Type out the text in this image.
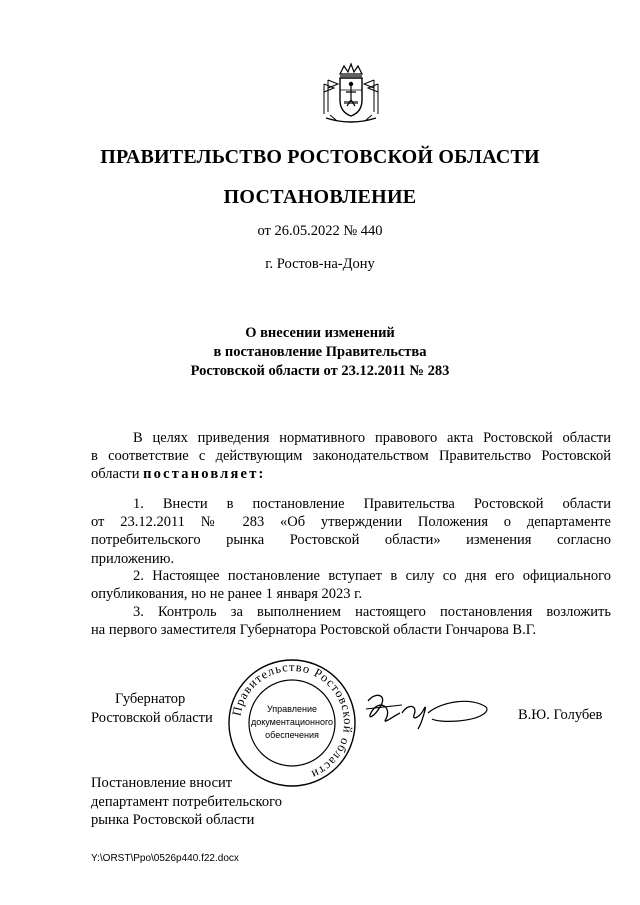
ПРАВИТЕЛЬСТВО РОСТОВСКОЙ ОБЛАСТИ
ПОСТАНОВЛЕНИЕ
от 26.05.2022 № 440
г. Ростов-на-Дону
О внесении изменений
в постановление Правительства
Ростовской области от 23.12.2011 № 283
В целях приведения нормативного правового акта Ростовской области
в соответствие с действующим законодательством Правительство Ростовской
области постановляет:
1. Внести в постановление Правительства Ростовской области
от 23.12.2011 № 283 «Об утверждении Положения о департаменте
потребительского рынка Ростовской области» изменения согласно
приложению.
2. Настоящее постановление вступает в силу со дня его официального
опубликования, но не ранее 1 января 2023 г.
3. Контроль за выполнением настоящего постановления возложить
на первого заместителя Губернатора Ростовской области Гончарова В.Г.
Губернатор
Ростовской области Правительство Ростовской области
Управление
документационного
обеспечения
В.Ю. Голубев
Постановление вносит
департамент потребительского
рынка Ростовской области
Y:\ORST\Ppo\0526p440.f22.docx
